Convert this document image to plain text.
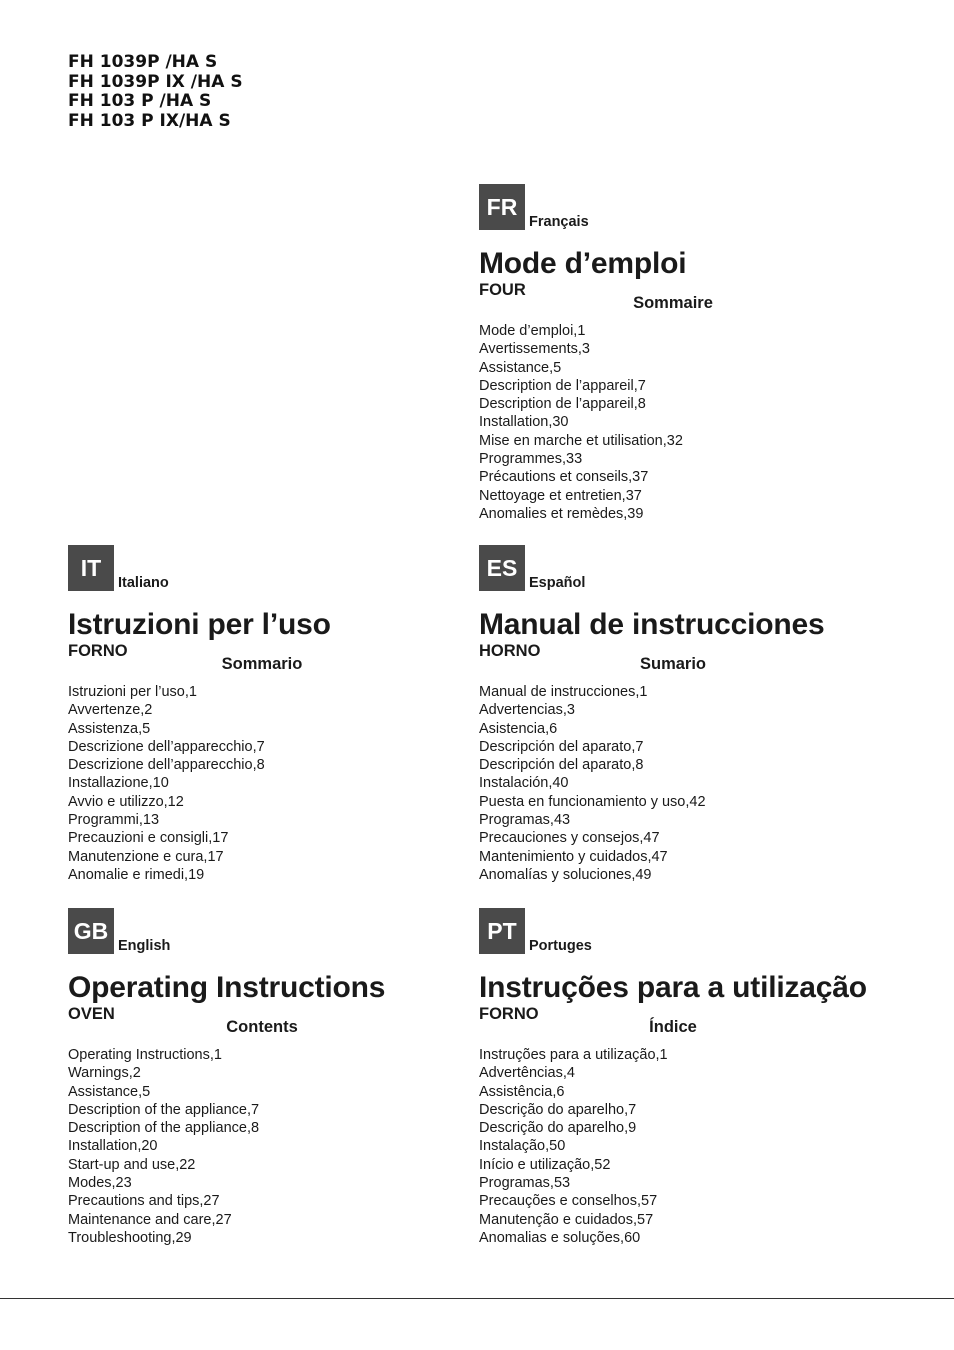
FH 1039P /HA S
FH 1039P IX /HA S
FH 103 P /HA S
FH 103 P IX/HA S
FR
Français
Mode d’emploi
FOUR
Sommaire
Mode d’emploi,1
Avertissements,3
Assistance,5
Description de l’appareil,7
Description de l’appareil,8
Installation,30
Mise en marche et utilisation,32
Programmes,33
Précautions et conseils,37
Nettoyage et entretien,37
Anomalies et remèdes,39
IT
Italiano
Istruzioni per l’uso
FORNO
Sommario
Istruzioni per l’uso,1
Avvertenze,2
Assistenza,5
Descrizione dell’apparecchio,7
Descrizione dell’apparecchio,8
Installazione,10
Avvio e utilizzo,12
Programmi,13
Precauzioni e consigli,17
Manutenzione e cura,17
Anomalie e rimedi,19
ES
Español
Manual de instrucciones
HORNO
Sumario
Manual de instrucciones,1
Advertencias,3
Asistencia,6
Descripción del aparato,7
Descripción del aparato,8
Instalación,40
Puesta en funcionamiento y uso,42
Programas,43
Precauciones y consejos,47
Mantenimiento y cuidados,47
Anomalías y soluciones,49
GB
English
Operating Instructions
OVEN
Contents
Operating Instructions,1
Warnings,2
Assistance,5
Description of the appliance,7
Description of the appliance,8
Installation,20
Start-up and use,22
Modes,23
Precautions and tips,27
Maintenance and care,27
Troubleshooting,29
PT
Portuges
Instruções para a utilização
FORNO
Índice
Instruções para a utilização,1
Advertências,4
Assistência,6
Descrição do aparelho,7
Descrição do aparelho,9
Instalação,50
Início e utilização,52
Programas,53
Precauções e conselhos,57
Manutenção e cuidados,57
Anomalias e soluções,60
